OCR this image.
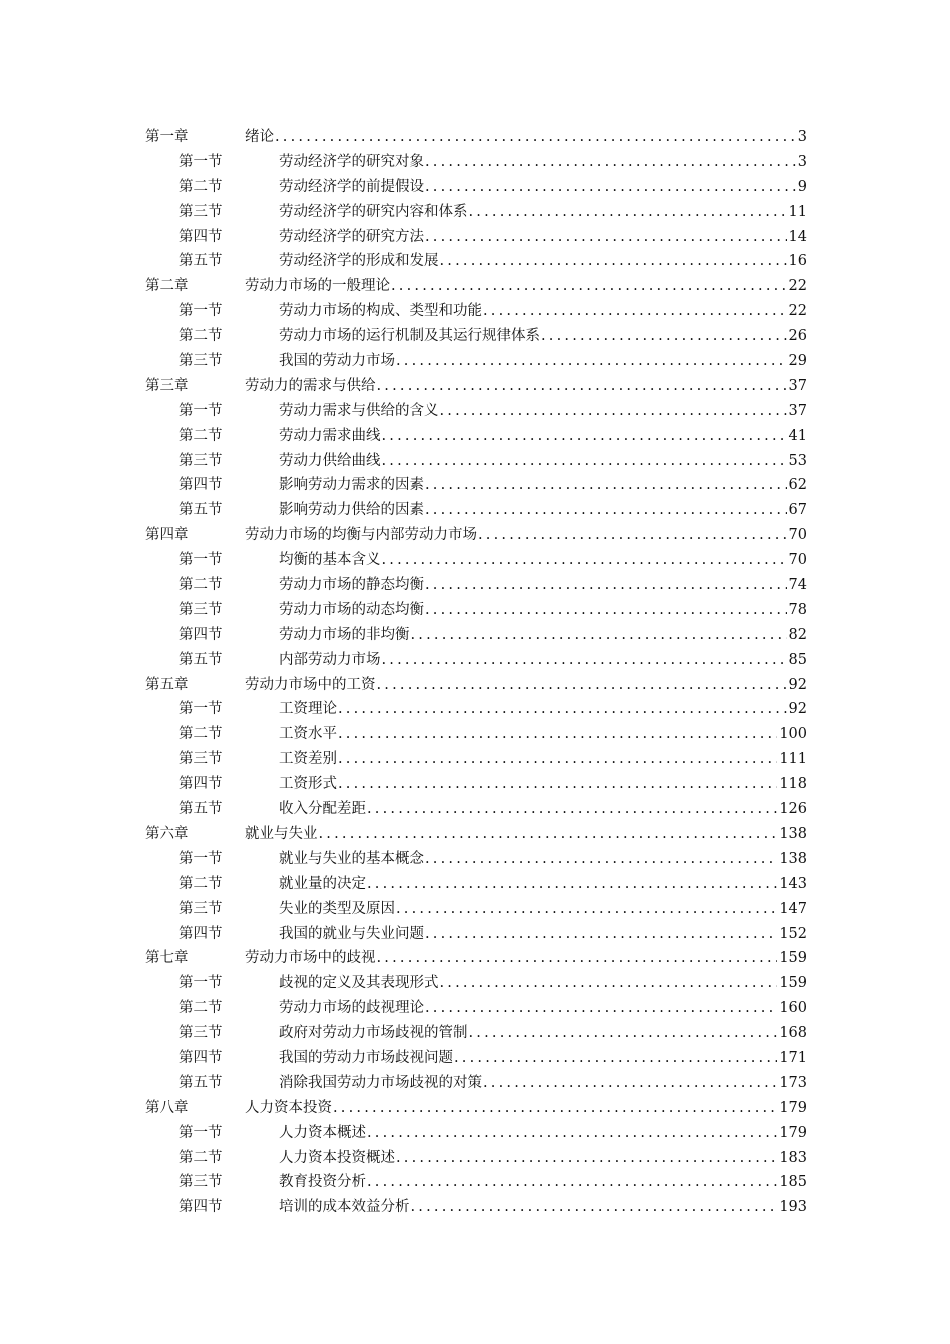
第一章	绪论 .....	3
第一节	劳动经济学的研究对象 .....	3
第二节	劳动经济学的前提假设 .....	9
第三节	劳动经济学的研究内容和体系 .....	11
第四节	劳动经济学的研究方法 .....	14
第五节	劳动经济学的形成和发展 .....	16
第二章	劳动力市场的一般理论 .....	22
第一节	劳动力市场的构成、类型和功能 .....	22
第二节	劳动力市场的运行机制及其运行规律体系 .....	26
第三节	我国的劳动力市场 .....	29
第三章	劳动力的需求与供给 .....	37
第一节	劳动力需求与供给的含义 .....	37
第二节	劳动力需求曲线 .....	41
第三节	劳动力供给曲线 .....	53
第四节	影响劳动力需求的因素 .....	62
第五节	影响劳动力供给的因素 .....	67
第四章	劳动力市场的均衡与内部劳动力市场 .....	70
第一节	均衡的基本含义 .....	70
第二节	劳动力市场的静态均衡 .....	74
第三节	劳动力市场的动态均衡 .....	78
第四节	劳动力市场的非均衡 .....	82
第五节	内部劳动力市场 .....	85
第五章	劳动力市场中的工资 .....	92
第一节	工资理论 .....	92
第二节	工资水平 .....	100
第三节	工资差别 .....	111
第四节	工资形式 .....	118
第五节	收入分配差距 .....	126
第六章	就业与失业 .....	138
第一节	就业与失业的基本概念 .....	138
第二节	就业量的决定 .....	143
第三节	失业的类型及原因 .....	147
第四节	我国的就业与失业问题 .....	152
第七章	劳动力市场中的歧视 .....	159
第一节	歧视的定义及其表现形式 .....	159
第二节	劳动力市场的歧视理论 .....	160
第三节	政府对劳动力市场歧视的管制 .....	168
第四节	我国的劳动力市场歧视问题 .....	171
第五节	消除我国劳动力市场歧视的对策 .....	173
第八章	人力资本投资 .....	179
第一节	人力资本概述 .....	179
第二节	人力资本投资概述 .....	183
第三节	教育投资分析 .....	185
第四节	培训的成本效益分析 .....	193
